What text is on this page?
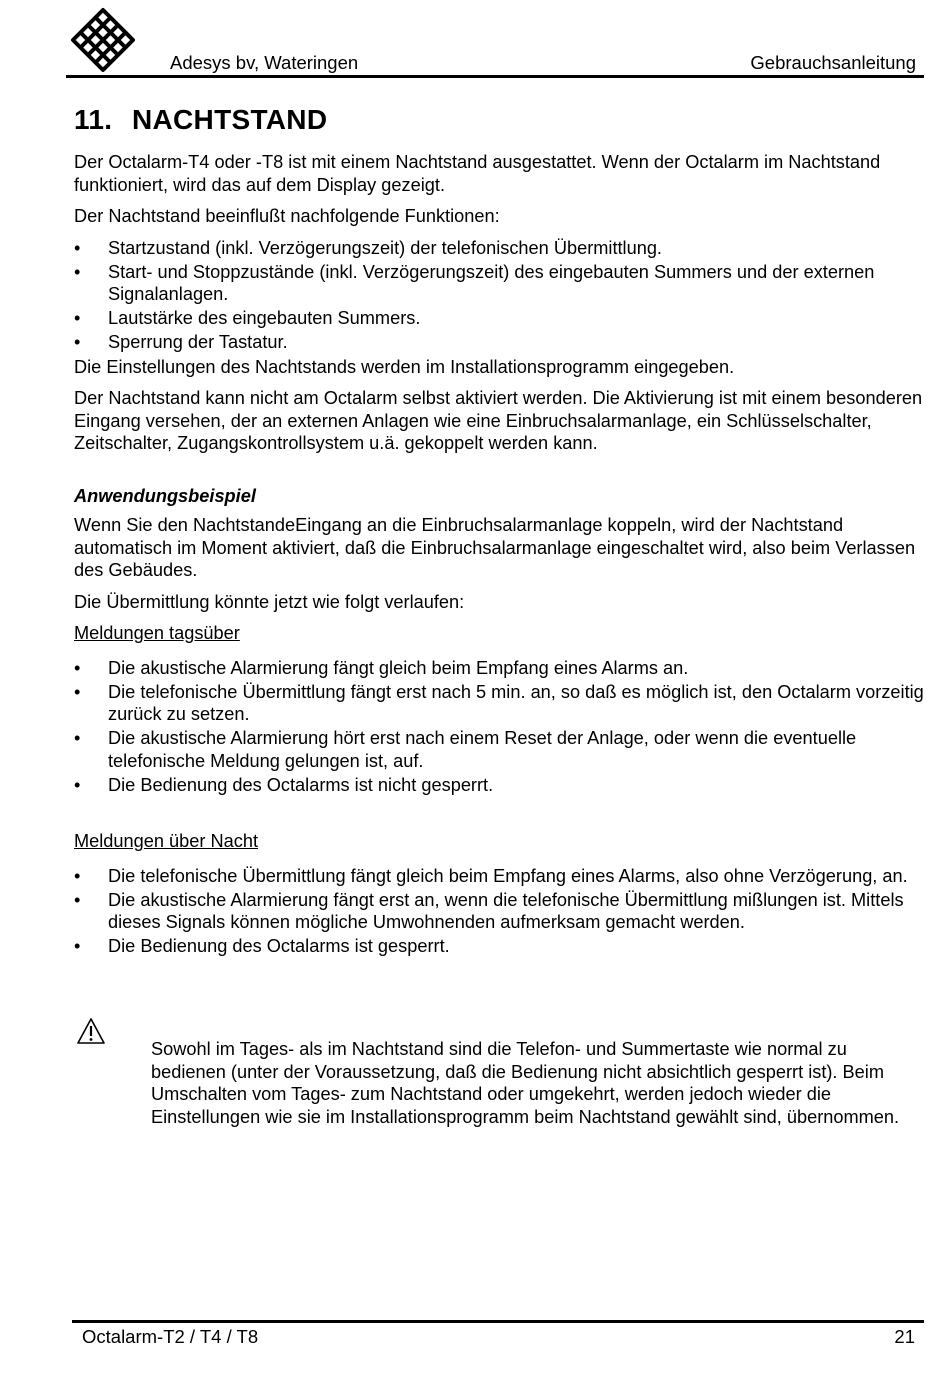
Adesys bv, Wateringen	Gebrauchsanleitung
11. NACHTSTAND

Der Octalarm-T4 oder -T8 ist mit einem Nachtstand ausgestattet. Wenn der Octalarm im Nachtstand funktioniert, wird das auf dem Display gezeigt.

Der Nachtstand beeinflußt nachfolgende Funktionen:

• Startzustand (inkl. Verzögerungszeit) der telefonischen Übermittlung.
• Start- und Stoppzustände (inkl. Verzögerungszeit) des eingebauten Summers und der externen Signalanlagen.
• Lautstärke des eingebauten Summers.
• Sperrung der Tastatur.

Die Einstellungen des Nachtstands werden im Installationsprogramm eingegeben.

Der Nachtstand kann nicht am Octalarm selbst aktiviert werden. Die Aktivierung ist mit einem besonderen Eingang versehen, der an externen Anlagen wie eine Einbruchsalarmanlage, ein Schlüsselschalter, Zeitschalter, Zugangskontrollsystem u.ä. gekoppelt werden kann.

Anwendungsbeispiel

Wenn Sie den NachtstandeEingang an die Einbruchsalarmanlage koppeln, wird der Nachtstand automatisch im Moment aktiviert, daß die Einbruchsalarmanlage eingeschaltet wird, also beim Verlassen des Gebäudes.

Die Übermittlung könnte jetzt wie folgt verlaufen:

Meldungen tagsüber

• Die akustische Alarmierung fängt gleich beim Empfang eines Alarms an.
• Die telefonische Übermittlung fängt erst nach 5 min. an, so daß es möglich ist, den Octalarm vorzeitig zurück zu setzen.
• Die akustische Alarmierung hört erst nach einem Reset der Anlage, oder wenn die eventuelle telefonische Meldung gelungen ist, auf.
• Die Bedienung des Octalarms ist nicht gesperrt.

Meldungen über Nacht

• Die telefonische Übermittlung fängt gleich beim Empfang eines Alarms, also ohne Verzögerung, an.
• Die akustische Alarmierung fängt erst an, wenn die telefonische Übermittlung mißlungen ist. Mittels dieses Signals können mögliche Umwohnenden aufmerksam gemacht werden.
• Die Bedienung des Octalarms ist gesperrt.
Sowohl im Tages- als im Nachtstand sind die Telefon- und Summertaste wie normal zu bedienen (unter der Voraussetzung, daß die Bedienung nicht absichtlich gesperrt ist). Beim Umschalten vom Tages- zum Nachtstand oder umgekehrt, werden jedoch wieder die Einstellungen wie sie im Installationsprogramm beim Nachtstand gewählt sind, übernommen.
Octalarm-T2 / T4 / T8	21
